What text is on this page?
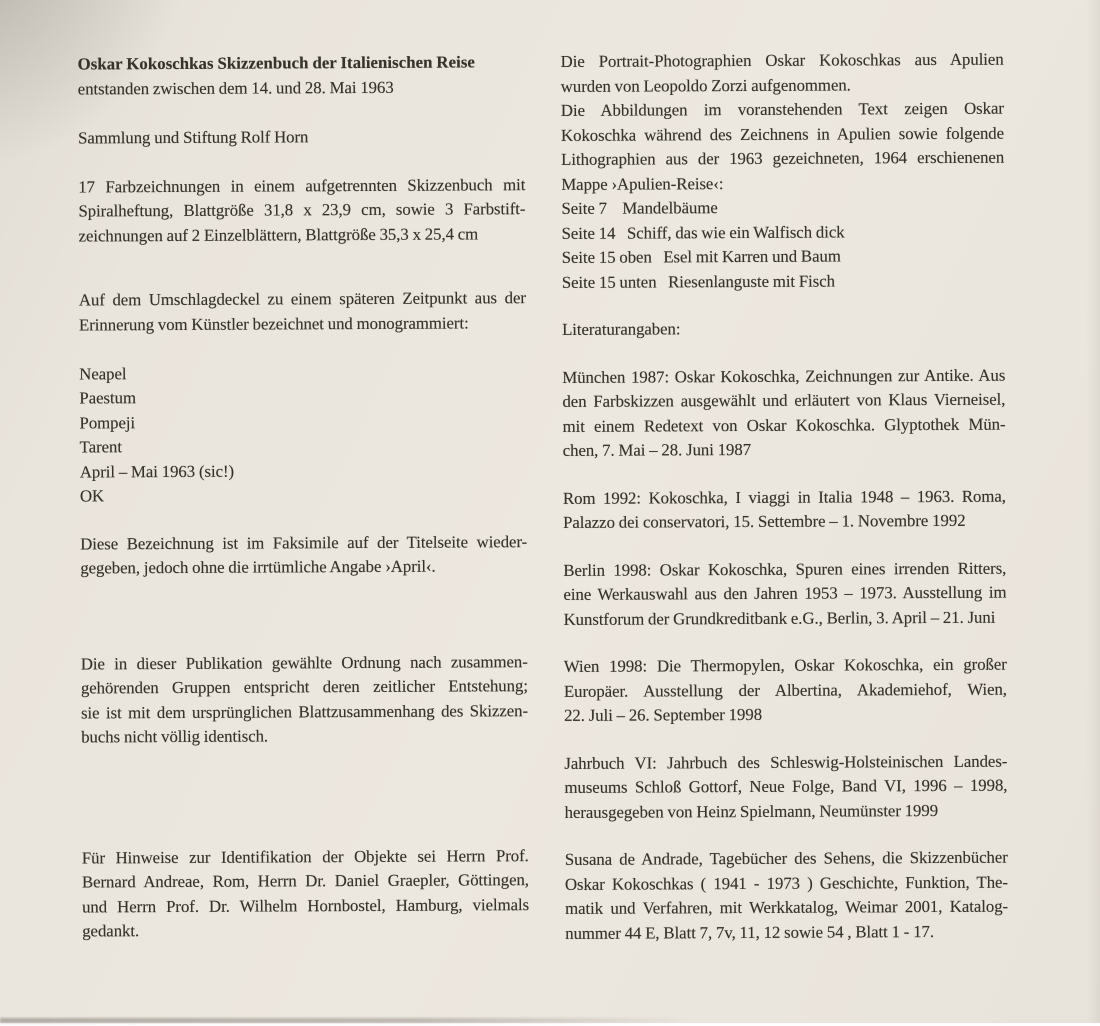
Oskar Kokoschkas Skizzenbuch der Italienischen Reise
entstanden zwischen dem 14. und 28. Mai 1963
Sammlung und Stiftung Rolf Horn
17 Farbzeichnungen in einem aufgetrennten Skizzenbuch mit
Spiralheftung, Blattgröße 31,8 x 23,9 cm, sowie 3 Farbstift-
zeichnungen auf 2 Einzelblättern, Blattgröße 35,3 x 25,4 cm
Auf dem Umschlagdeckel zu einem späteren Zeitpunkt aus der
Erinnerung vom Künstler bezeichnet und monogrammiert:
Neapel
Paestum
Pompeji
Tarent
April – Mai 1963 (sic!)
OK
Diese Bezeichnung ist im Faksimile auf der Titelseite wieder-
gegeben, jedoch ohne die irrtümliche Angabe ›April‹.
Die in dieser Publikation gewählte Ordnung nach zusammen-
gehörenden Gruppen entspricht deren zeitlicher Entstehung;
sie ist mit dem ursprünglichen Blattzusammenhang des Skizzen-
buchs nicht völlig identisch.
Für Hinweise zur Identifikation der Objekte sei Herrn Prof.
Bernard Andreae, Rom, Herrn Dr. Daniel Graepler, Göttingen,
und Herrn Prof. Dr. Wilhelm Hornbostel, Hamburg, vielmals
gedankt.
Die Portrait-Photographien Oskar Kokoschkas aus Apulien
wurden von Leopoldo Zorzi aufgenommen.
Die Abbildungen im voranstehenden Text zeigen Oskar
Kokoschka während des Zeichnens in Apulien sowie folgende
Lithographien aus der 1963 gezeichneten, 1964 erschienenen
Mappe ›Apulien-Reise‹:
Seite 7    Mandelbäume
Seite 14   Schiff, das wie ein Walfisch dick
Seite 15 oben   Esel mit Karren und Baum
Seite 15 unten   Riesenlanguste mit Fisch
Literaturangaben:
München 1987: Oskar Kokoschka, Zeichnungen zur Antike. Aus
den Farbskizzen ausgewählt und erläutert von Klaus Vierneisel,
mit einem Redetext von Oskar Kokoschka. Glyptothek Mün-
chen, 7. Mai – 28. Juni 1987
Rom 1992: Kokoschka, I viaggi in Italia 1948 – 1963. Roma,
Palazzo dei conservatori, 15. Settembre – 1. Novembre 1992
Berlin 1998: Oskar Kokoschka, Spuren eines irrenden Ritters,
eine Werkauswahl aus den Jahren 1953 – 1973. Ausstellung im
Kunstforum der Grundkreditbank e.G., Berlin, 3. April – 21. Juni
Wien 1998: Die Thermopylen, Oskar Kokoschka, ein großer
Europäer. Ausstellung der Albertina, Akademiehof, Wien,
22. Juli – 26. September 1998
Jahrbuch VI: Jahrbuch des Schleswig-Holsteinischen Landes-
museums Schloß Gottorf, Neue Folge, Band VI, 1996 – 1998,
herausgegeben von Heinz Spielmann, Neumünster 1999
Susana de Andrade, Tagebücher des Sehens, die Skizzenbücher
Oskar Kokoschkas ( 1941 - 1973 ) Geschichte, Funktion, The-
matik und Verfahren, mit Werkkatalog, Weimar 2001, Katalog-
nummer 44 E, Blatt 7, 7v, 11, 12 sowie 54 , Blatt 1 - 17.
